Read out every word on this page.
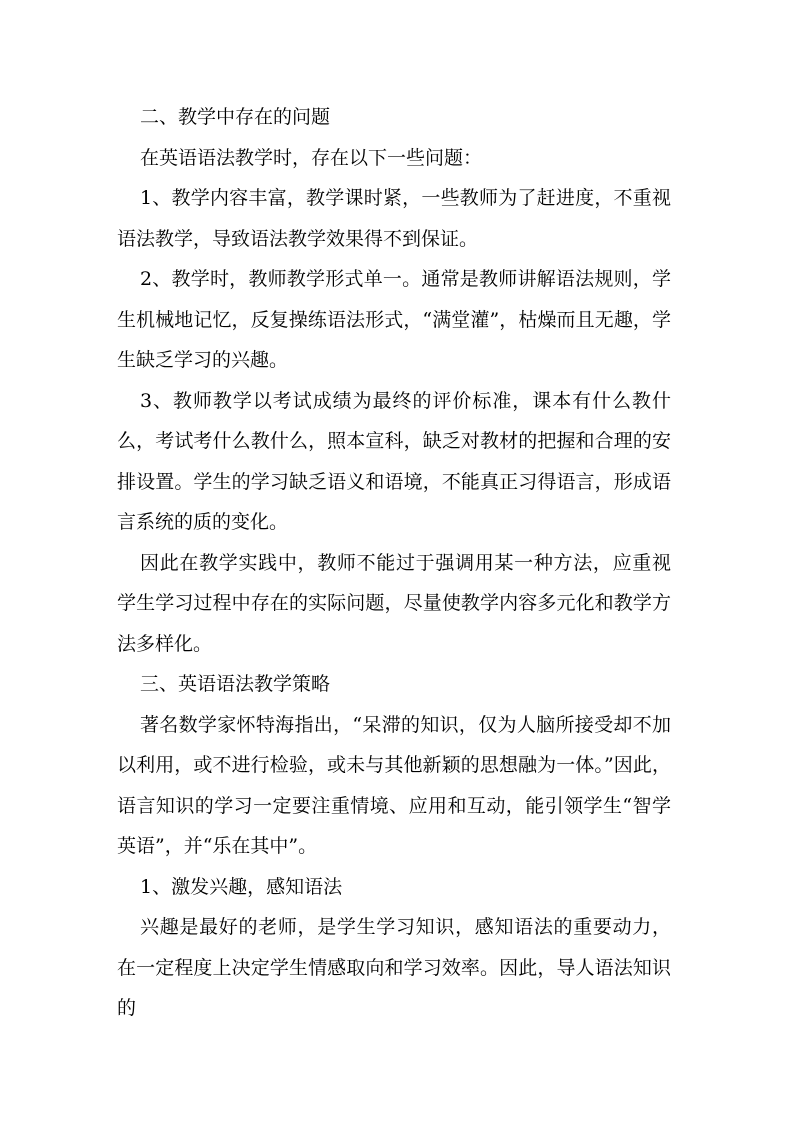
二、教学中存在的问题

在英语语法教学时，存在以下一些问题：

1、教学内容丰富，教学课时紧，一些教师为了赶进度，不重视语法教学，导致语法教学效果得不到保证。

2、教学时，教师教学形式单一。通常是教师讲解语法规则，学生机械地记忆，反复操练语法形式，“满堂灌”，枯燥而且无趣，学生缺乏学习的兴趣。

3、教师教学以考试成绩为最终的评价标准，课本有什么教什么，考试考什么教什么，照本宣科，缺乏对教材的把握和合理的安排设置。学生的学习缺乏语义和语境，不能真正习得语言，形成语言系统的质的变化。

因此在教学实践中，教师不能过于强调用某一种方法，应重视学生学习过程中存在的实际问题，尽量使教学内容多元化和教学方法多样化。

三、英语语法教学策略

著名数学家怀特海指出，“呆滞的知识，仅为人脑所接受却不加以利用，或不进行检验，或未与其他新颖的思想融为一体。”因此，语言知识的学习一定要注重情境、应用和互动，能引领学生“智学英语”，并“乐在其中”。

1、激发兴趣，感知语法

兴趣是最好的老师，是学生学习知识，感知语法的重要动力，在一定程度上决定学生情感取向和学习效率。因此，导人语法知识的
